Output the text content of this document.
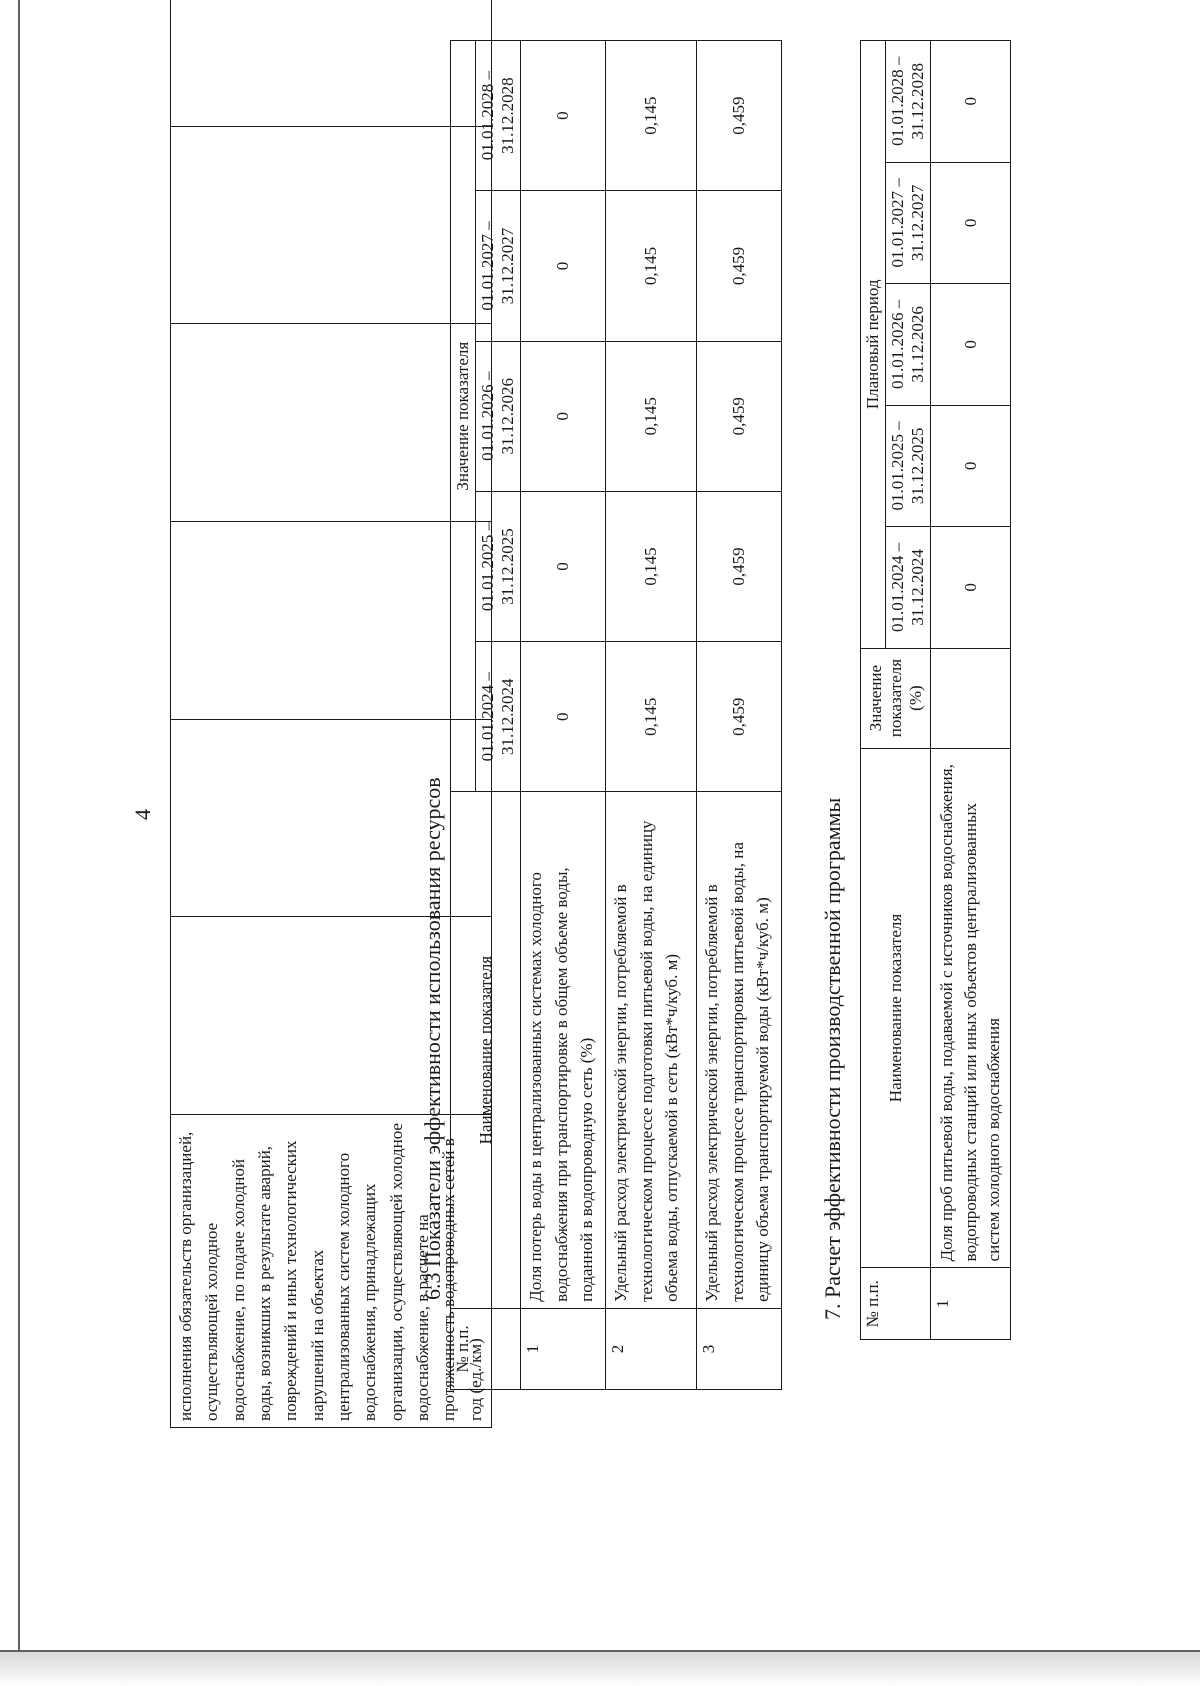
4
исполнения обязательств организацией, осуществляющей холодное водоснабжение, по подаче холодной воды, возникших в результате аварий, повреждений и иных технологических нарушений на объектах централизованных систем холодного водоснабжения, принадлежащих организации, осуществляющей холодное водоснабжение, в расчете на протяженность водопроводных сетей в год (ед./км)						
6.3 Показатели эффективности использования ресурсов
№ п.п.	Наименование показателя	Значение показателя				
		01.01.2024 – 31.12.2024	01.01.2025 – 31.12.2025	01.01.2026 – 31.12.2026	01.01.2027 – 31.12.2027	01.01.2028 – 31.12.2028
1	Доля потерь воды в централизованных системах холодного водоснабжения при транспортировке в общем объеме воды, поданной в водопроводную сеть (%)	0	0	0	0	0
2	Удельный расход электрической энергии, потребляемой в технологическом процессе подготовки питьевой воды, на единицу объема воды, отпускаемой в сеть (кВт*ч/куб. м)	0,145	0,145	0,145	0,145	0,145
3	Удельный расход электрической энергии, потребляемой в технологическом процессе транспортировки питьевой воды, на единицу объема транспортируемой воды (кВт*ч/куб. м)	0,459	0,459	0,459	0,459	0,459
7. Расчет эффективности производственной программы № п.п.	Наименование показателя	Значение показателя (%)	Плановый период				
			01.01.2024 – 31.12.2024	01.01.2025 – 31.12.2025	01.01.2026 – 31.12.2026	01.01.2027 – 31.12.2027	01.01.2028 – 31.12.2028
1	Доля проб питьевой воды, подаваемой с источников водоснабжения, водопроводных станций или иных объектов централизованных систем холодного водоснабжения		0	0	0	0	0
